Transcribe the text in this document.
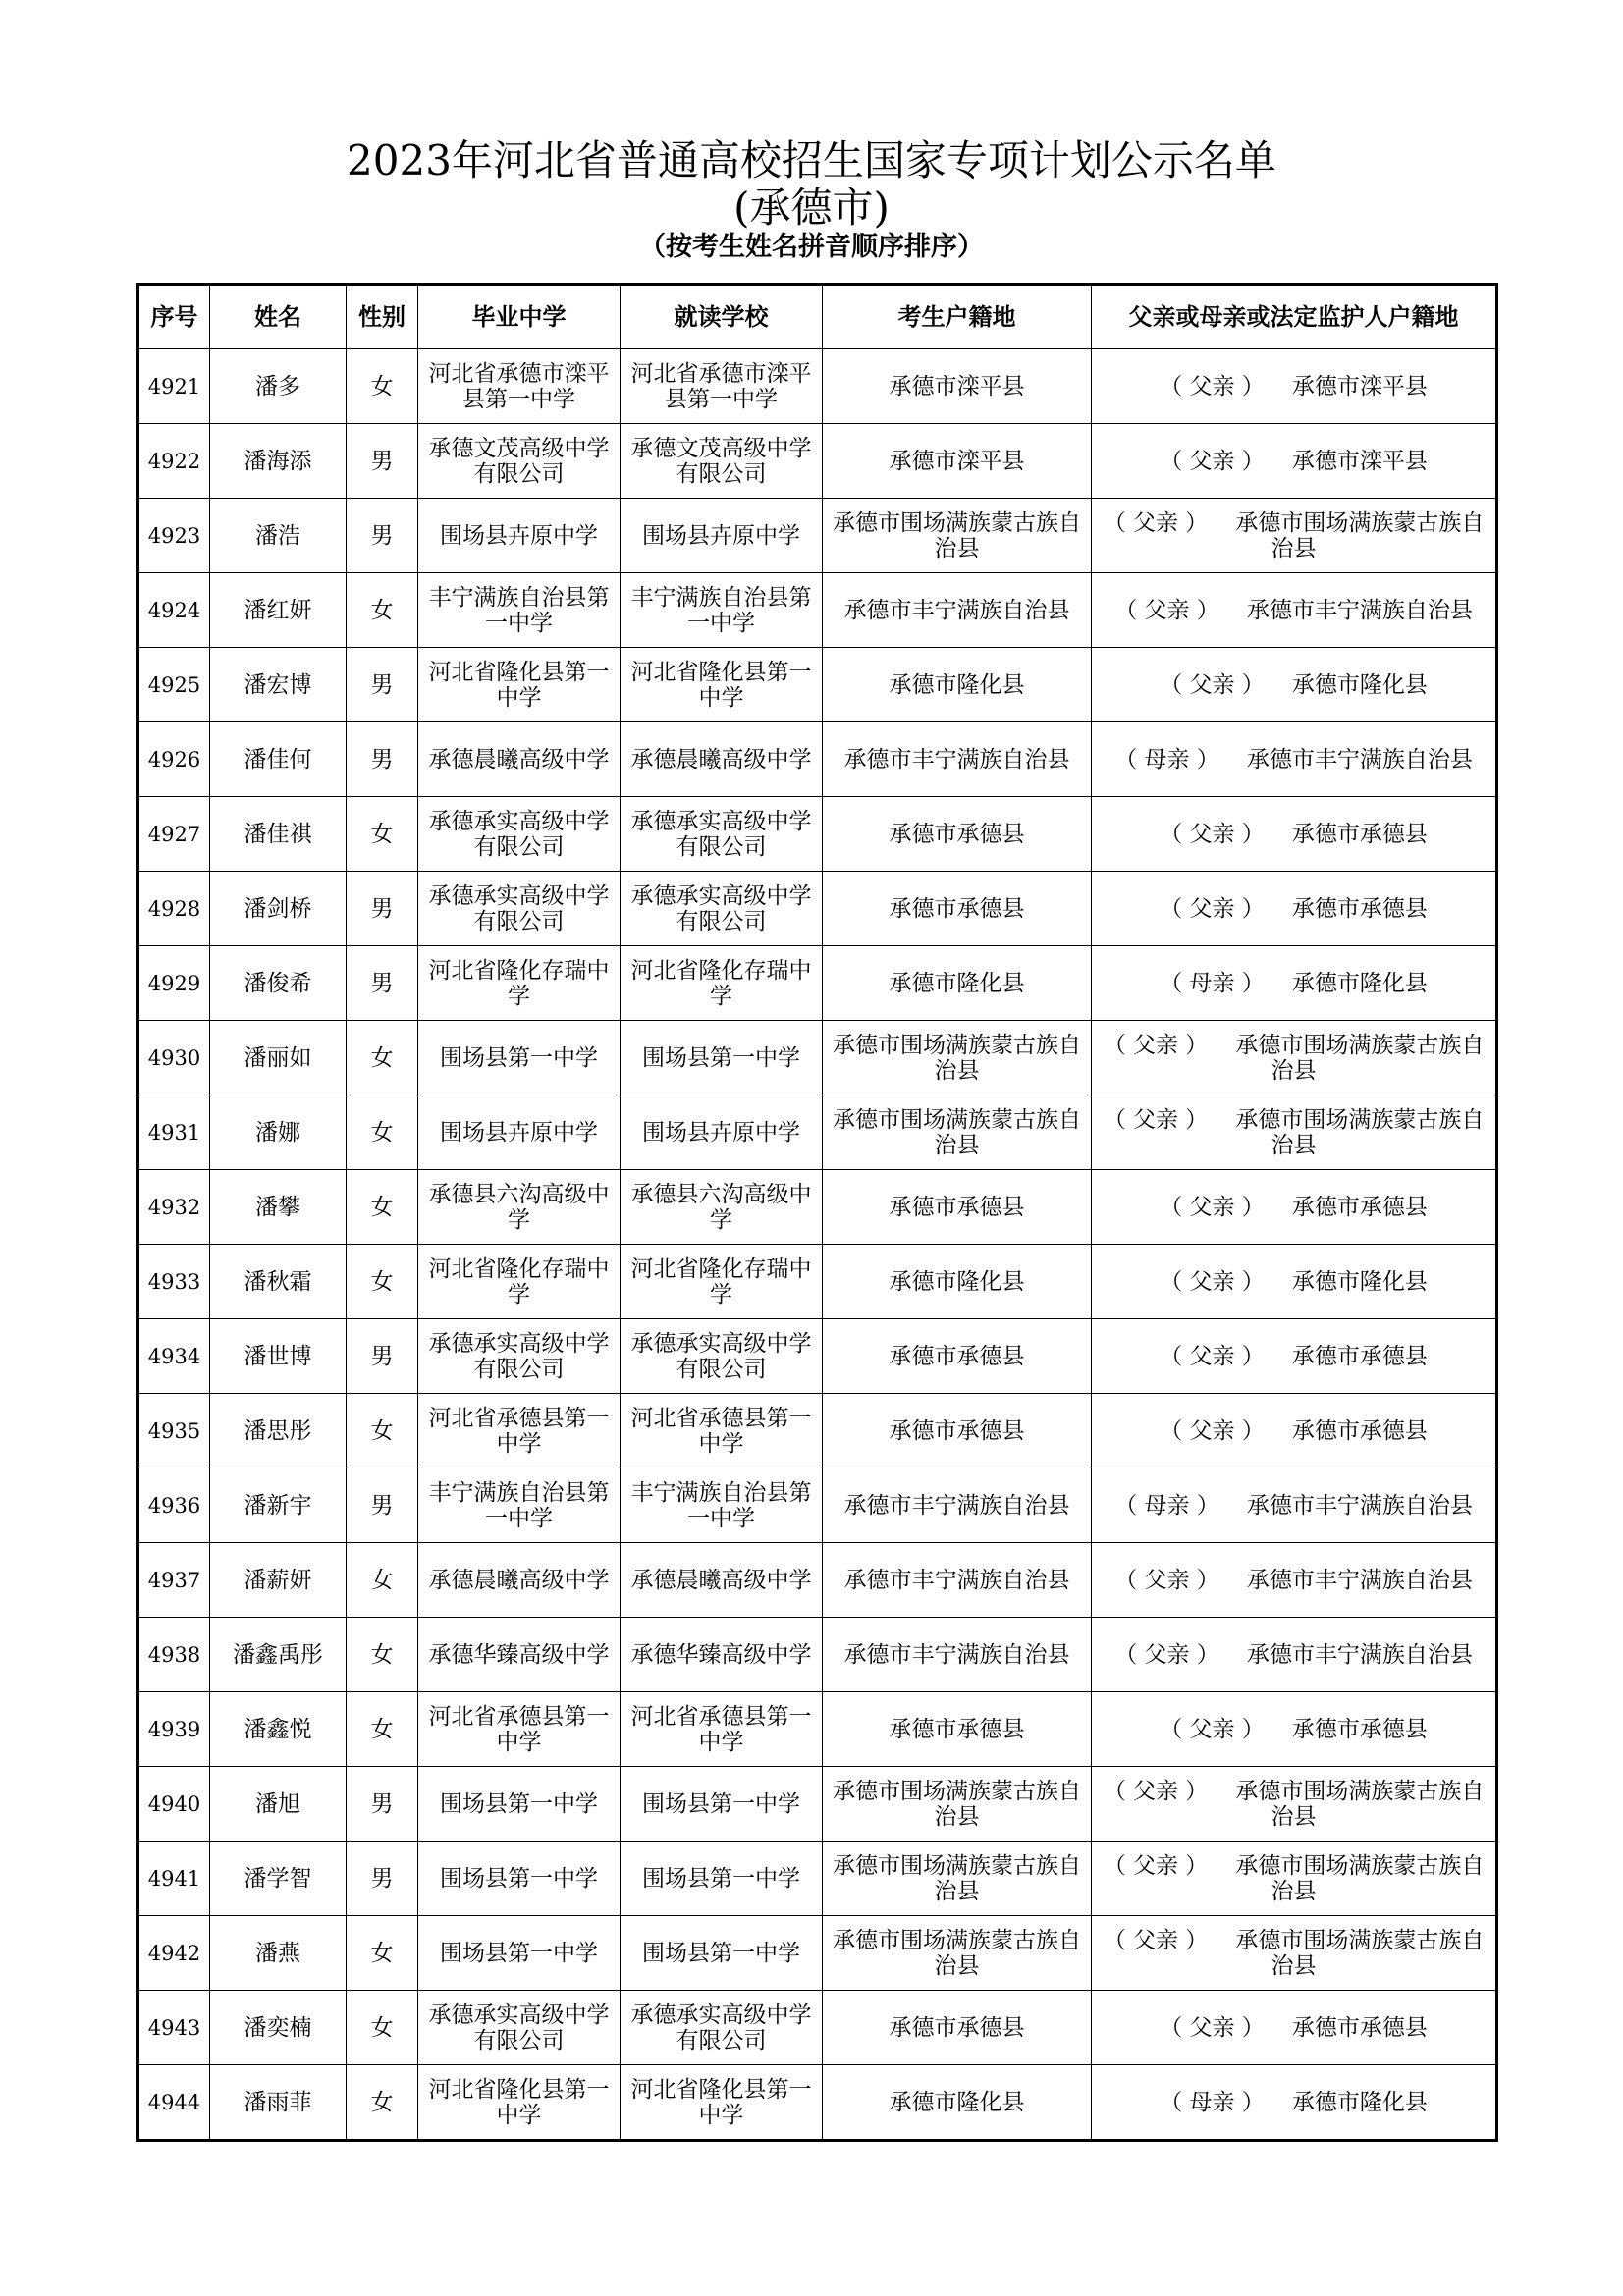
2023年河北省普通高校招生国家专项计划公示名单
(承德市)
（按考生姓名拼音顺序排序）
序号	姓名	性别	毕业中学	就读学校	考生户籍地	父亲或母亲或法定监护人户籍地
4921	潘多	女	河北省承德市滦平县第一中学	河北省承德市滦平县第一中学	承德市滦平县	（ 父亲 ） 承德市滦平县
4922	潘海添	男	承德文茂高级中学有限公司	承德文茂高级中学有限公司	承德市滦平县	（ 父亲 ） 承德市滦平县
4923	潘浩	男	围场县卉原中学	围场县卉原中学	承德市围场满族蒙古族自治县	（ 父亲 ） 承德市围场满族蒙古族自治县
4924	潘红妍	女	丰宁满族自治县第一中学	丰宁满族自治县第一中学	承德市丰宁满族自治县	（ 父亲 ） 承德市丰宁满族自治县
4925	潘宏博	男	河北省隆化县第一中学	河北省隆化县第一中学	承德市隆化县	（ 父亲 ） 承德市隆化县
4926	潘佳何	男	承德晨曦高级中学	承德晨曦高级中学	承德市丰宁满族自治县	（ 母亲 ） 承德市丰宁满族自治县
4927	潘佳祺	女	承德承实高级中学有限公司	承德承实高级中学有限公司	承德市承德县	（ 父亲 ） 承德市承德县
4928	潘剑桥	男	承德承实高级中学有限公司	承德承实高级中学有限公司	承德市承德县	（ 父亲 ） 承德市承德县
4929	潘俊希	男	河北省隆化存瑞中学	河北省隆化存瑞中学	承德市隆化县	（ 母亲 ） 承德市隆化县
4930	潘丽如	女	围场县第一中学	围场县第一中学	承德市围场满族蒙古族自治县	（ 父亲 ） 承德市围场满族蒙古族自治县
4931	潘娜	女	围场县卉原中学	围场县卉原中学	承德市围场满族蒙古族自治县	（ 父亲 ） 承德市围场满族蒙古族自治县
4932	潘攀	女	承德县六沟高级中学	承德县六沟高级中学	承德市承德县	（ 父亲 ） 承德市承德县
4933	潘秋霜	女	河北省隆化存瑞中学	河北省隆化存瑞中学	承德市隆化县	（ 父亲 ） 承德市隆化县
4934	潘世博	男	承德承实高级中学有限公司	承德承实高级中学有限公司	承德市承德县	（ 父亲 ） 承德市承德县
4935	潘思彤	女	河北省承德县第一中学	河北省承德县第一中学	承德市承德县	（ 父亲 ） 承德市承德县
4936	潘新宇	男	丰宁满族自治县第一中学	丰宁满族自治县第一中学	承德市丰宁满族自治县	（ 母亲 ） 承德市丰宁满族自治县
4937	潘薪妍	女	承德晨曦高级中学	承德晨曦高级中学	承德市丰宁满族自治县	（ 父亲 ） 承德市丰宁满族自治县
4938	潘鑫禹彤	女	承德华臻高级中学	承德华臻高级中学	承德市丰宁满族自治县	（ 父亲 ） 承德市丰宁满族自治县
4939	潘鑫悦	女	河北省承德县第一中学	河北省承德县第一中学	承德市承德县	（ 父亲 ） 承德市承德县
4940	潘旭	男	围场县第一中学	围场县第一中学	承德市围场满族蒙古族自治县	（ 父亲 ） 承德市围场满族蒙古族自治县
4941	潘学智	男	围场县第一中学	围场县第一中学	承德市围场满族蒙古族自治县	（ 父亲 ） 承德市围场满族蒙古族自治县
4942	潘燕	女	围场县第一中学	围场县第一中学	承德市围场满族蒙古族自治县	（ 父亲 ） 承德市围场满族蒙古族自治县
4943	潘奕楠	女	承德承实高级中学有限公司	承德承实高级中学有限公司	承德市承德县	（ 父亲 ） 承德市承德县
4944	潘雨菲	女	河北省隆化县第一中学	河北省隆化县第一中学	承德市隆化县	（ 母亲 ） 承德市隆化县
